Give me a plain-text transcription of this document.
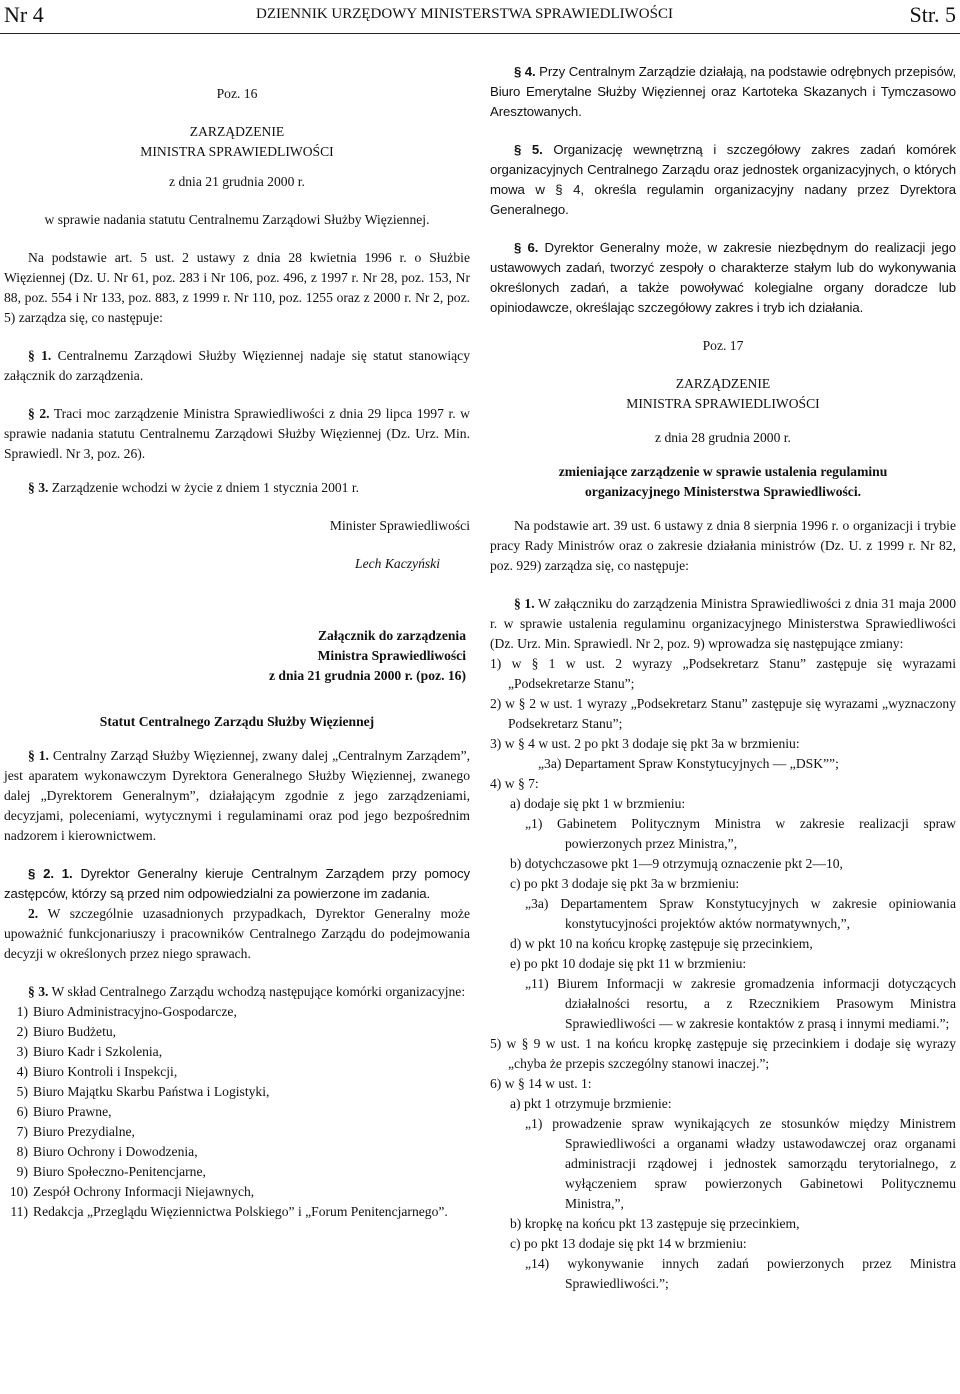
Nr 4	DZIENNIK URZĘDOWY MINISTERSTWA SPRAWIEDLIWOŚCI	Str. 5

Poz. 16

ZARZĄDZENIE

MINISTRA SPRAWIEDLIWOŚCI

z dnia 21 grudnia 2000 r.

w sprawie nadania statutu Centralnemu Zarządowi Służby Więziennej.

Na podstawie art. 5 ust. 2 ustawy z dnia 28 kwietnia 1996 r. o Służbie Więziennej (Dz. U. Nr 61, poz. 283 i Nr 106, poz. 496, z 1997 r. Nr 28, poz. 153, Nr 88, poz. 554 i Nr 133, poz. 883, z 1999 r. Nr 110, poz. 1255 oraz z 2000 r. Nr 2, poz. 5) zarządza się, co następuje:

§ 1. Centralnemu Zarządowi Służby Więziennej nadaje się statut stanowiący załącznik do zarządzenia.

§ 2. Traci moc zarządzenie Ministra Sprawiedliwości z dnia 29 lipca 1997 r. w sprawie nadania statutu Centralnemu Zarządowi Służby Więziennej (Dz. Urz. Min. Sprawiedl. Nr 3, poz. 26).

§ 3. Zarządzenie wchodzi w życie z dniem 1 stycznia 2001 r.

Minister Sprawiedliwości

Lech Kaczyński

Załącznik do zarządzenia

Ministra Sprawiedliwości

z dnia 21 grudnia 2000 r. (poz. 16)

Statut Centralnego Zarządu Służby Więziennej

§ 1. Centralny Zarząd Służby Więziennej, zwany dalej „Centralnym Zarządem”, jest aparatem wykonawczym Dyrektora Generalnego Służby Więziennej, zwanego dalej „Dyrektorem Generalnym”, działającym zgodnie z jego zarządzeniami, decyzjami, poleceniami, wytycznymi i regulaminami oraz pod jego bezpośrednim nadzorem i kierownictwem.

§ 2. 1. Dyrektor Generalny kieruje Centralnym Zarządem przy pomocy zastępców, którzy są przed nim odpowiedzialni za powierzone im zadania.

2. W szczególnie uzasadnionych przypadkach, Dyrektor Generalny może upoważnić funkcjonariuszy i pracowników Centralnego Zarządu do podejmowania decyzji w określonych przez niego sprawach.

§ 3. W skład Centralnego Zarządu wchodzą następujące komórki organizacyjne:

1) Biuro Administracyjno-Gospodarcze,
2) Biuro Budżetu,
3) Biuro Kadr i Szkolenia,
4) Biuro Kontroli i Inspekcji,
5) Biuro Majątku Skarbu Państwa i Logistyki,
6) Biuro Prawne,
7) Biuro Prezydialne,
8) Biuro Ochrony i Dowodzenia,
9) Biuro Społeczno-Penitencjarne,
10) Zespół Ochrony Informacji Niejawnych,
11) Redakcja „Przeglądu Więziennictwa Polskiego” i „Forum Penitencjarnego”.

§ 4. Przy Centralnym Zarządzie działają, na podstawie odrębnych przepisów, Biuro Emerytalne Służby Więziennej oraz Kartoteka Skazanych i Tymczasowo Aresztowanych.

§ 5. Organizację wewnętrzną i szczegółowy zakres zadań komórek organizacyjnych Centralnego Zarządu oraz jednostek organizacyjnych, o których mowa w § 4, określa regulamin organizacyjny nadany przez Dyrektora Generalnego.

§ 6. Dyrektor Generalny może, w zakresie niezbędnym do realizacji jego ustawowych zadań, tworzyć zespoły o charakterze stałym lub do wykonywania określonych zadań, a także powoływać kolegialne organy doradcze lub opiniodawcze, określając szczegółowy zakres i tryb ich działania.

Poz. 17

ZARZĄDZENIE

MINISTRA SPRAWIEDLIWOŚCI

z dnia 28 grudnia 2000 r.

zmieniające zarządzenie w sprawie ustalenia regulaminu organizacyjnego Ministerstwa Sprawiedliwości.

Na podstawie art. 39 ust. 6 ustawy z dnia 8 sierpnia 1996 r. o organizacji i trybie pracy Rady Ministrów oraz o zakresie działania ministrów (Dz. U. z 1999 r. Nr 82, poz. 929) zarządza się, co następuje:

§ 1. W załączniku do zarządzenia Ministra Sprawiedliwości z dnia 31 maja 2000 r. w sprawie ustalenia regulaminu organizacyjnego Ministerstwa Sprawiedliwości (Dz. Urz. Min. Sprawiedl. Nr 2, poz. 9) wprowadza się następujące zmiany:

1) w § 1 w ust. 2 wyrazy „Podsekretarz Stanu” zastępuje się wyrazami „Podsekretarze Stanu”;

2) w § 2 w ust. 1 wyrazy „Podsekretarz Stanu” zastępuje się wyrazami „wyznaczony Podsekretarz Stanu”;

3) w § 4 w ust. 2 po pkt 3 dodaje się pkt 3a w brzmieniu:

„3a) Departament Spraw Konstytucyjnych — „DSK””;

4) w § 7:

a) dodaje się pkt 1 w brzmieniu:

„1) Gabinetem Politycznym Ministra w zakresie realizacji spraw powierzonych przez Ministra,”,

b) dotychczasowe pkt 1—9 otrzymują oznaczenie pkt 2—10,

c) po pkt 3 dodaje się pkt 3a w brzmieniu:

„3a) Departamentem Spraw Konstytucyjnych w zakresie opiniowania konstytucyjności projektów aktów normatywnych,”,

d) w pkt 10 na końcu kropkę zastępuje się przecinkiem,

e) po pkt 10 dodaje się pkt 11 w brzmieniu:

„11) Biurem Informacji w zakresie gromadzenia informacji dotyczących działalności resortu, a z Rzecznikiem Prasowym Ministra Sprawiedliwości — w zakresie kontaktów z prasą i innymi mediami.”;

5) w § 9 w ust. 1 na końcu kropkę zastępuje się przecinkiem i dodaje się wyrazy „chyba że przepis szczególny stanowi inaczej.”;

6) w § 14 w ust. 1:

a) pkt 1 otrzymuje brzmienie:

„1) prowadzenie spraw wynikających ze stosunków między Ministrem Sprawiedliwości a organami władzy ustawodawczej oraz organami administracji rządowej i jednostek samorządu terytorialnego, z wyłączeniem spraw powierzonych Gabinetowi Politycznemu Ministra,”,

b) kropkę na końcu pkt 13 zastępuje się przecinkiem,

c) po pkt 13 dodaje się pkt 14 w brzmieniu:

„14) wykonywanie innych zadań powierzonych przez Ministra Sprawiedliwości.”;
